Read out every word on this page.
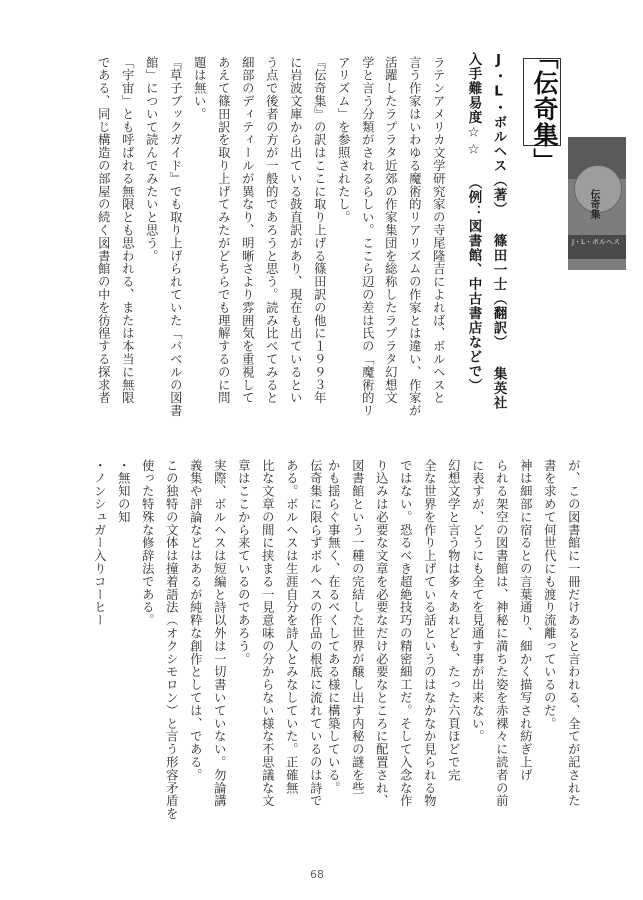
「伝奇集」
伝奇集
J・L・ボルヘス
J・L・ボルヘス（著） 篠田一士（翻訳） 集英社
入手難易度☆☆ （例：図書館、中古書店などで）
ラテンアメリカ文学研究家の寺尾隆吉によれば、ボルヘスと
言う作家はいわゆる魔術的リアリズムの作家とは違い、作家が
活躍したラプラタ近郊の作家集団を総称したラプラタ幻想文
学と言う分類がされるらしい。ここら辺の差は氏の「魔術的リ
アリズム」を参照されたし。
『伝奇集』の訳はここに取り上げる篠田訳の他に１９９３年
に岩波文庫から出ている鼓直訳があり、現在も出ているとい
う点で後者の方が一般的であろうと思う。読み比べてみると
細部のディティールが異なり、明晰さより雰囲気を重視して
あえて篠田訳を取り上げてみたがどちらでも理解するのに問
題は無い。
『草子ブックガイド』でも取り上げられていた「バベルの図書
館」について読んでみたいと思う。
「宇宙」とも呼ばれる無限とも思われる、または本当に無限
である、同じ構造の部屋の続く図書館の中を彷徨する探求者
が、この図書館に一冊だけあると言われる、全てが記された
書を求めて何世代にも渡り流離っているのだ。
神は細部に宿るとの言葉通り、細かく描写され紡ぎ上げ
られる架空の図書館は、神秘に満ちた姿を赤裸々に読者の前
に表すが、どうにも全てを見通す事が出来ない。
幻想文学と言う物は多々あれども、たった六頁ほどで完
全な世界を作り上げている話というのはなかなか見られる物
ではない。恐るべき超絶技巧の精密細工だ。そして入念な作
り込みは必要な文章を必要なだけ必要なところに配置され、
図書館という一種の完結した世界が醸し出す内秘の謎を些
かも揺らぐ事無く、在るべくしてある様に構築している。
伝奇集に限らずボルヘスの作品の根底に流れているのは詩で
ある。ボルヘスは生涯自分を詩人とみなしていた。正確無
比な文章の間に挟まる一見意味の分からない様な不思議な文
章はここから来ているのであろう。
実際、ボルヘスは短編と詩以外は一切書いていない。勿論講
義集や評論などはあるが純粋な創作としては、である。
この独特の文体は撞着語法（オクシモロン）と言う形容矛盾を
使った特殊な修辞法である。
・無知の知
・ノンシュガー入りコーヒー
68
